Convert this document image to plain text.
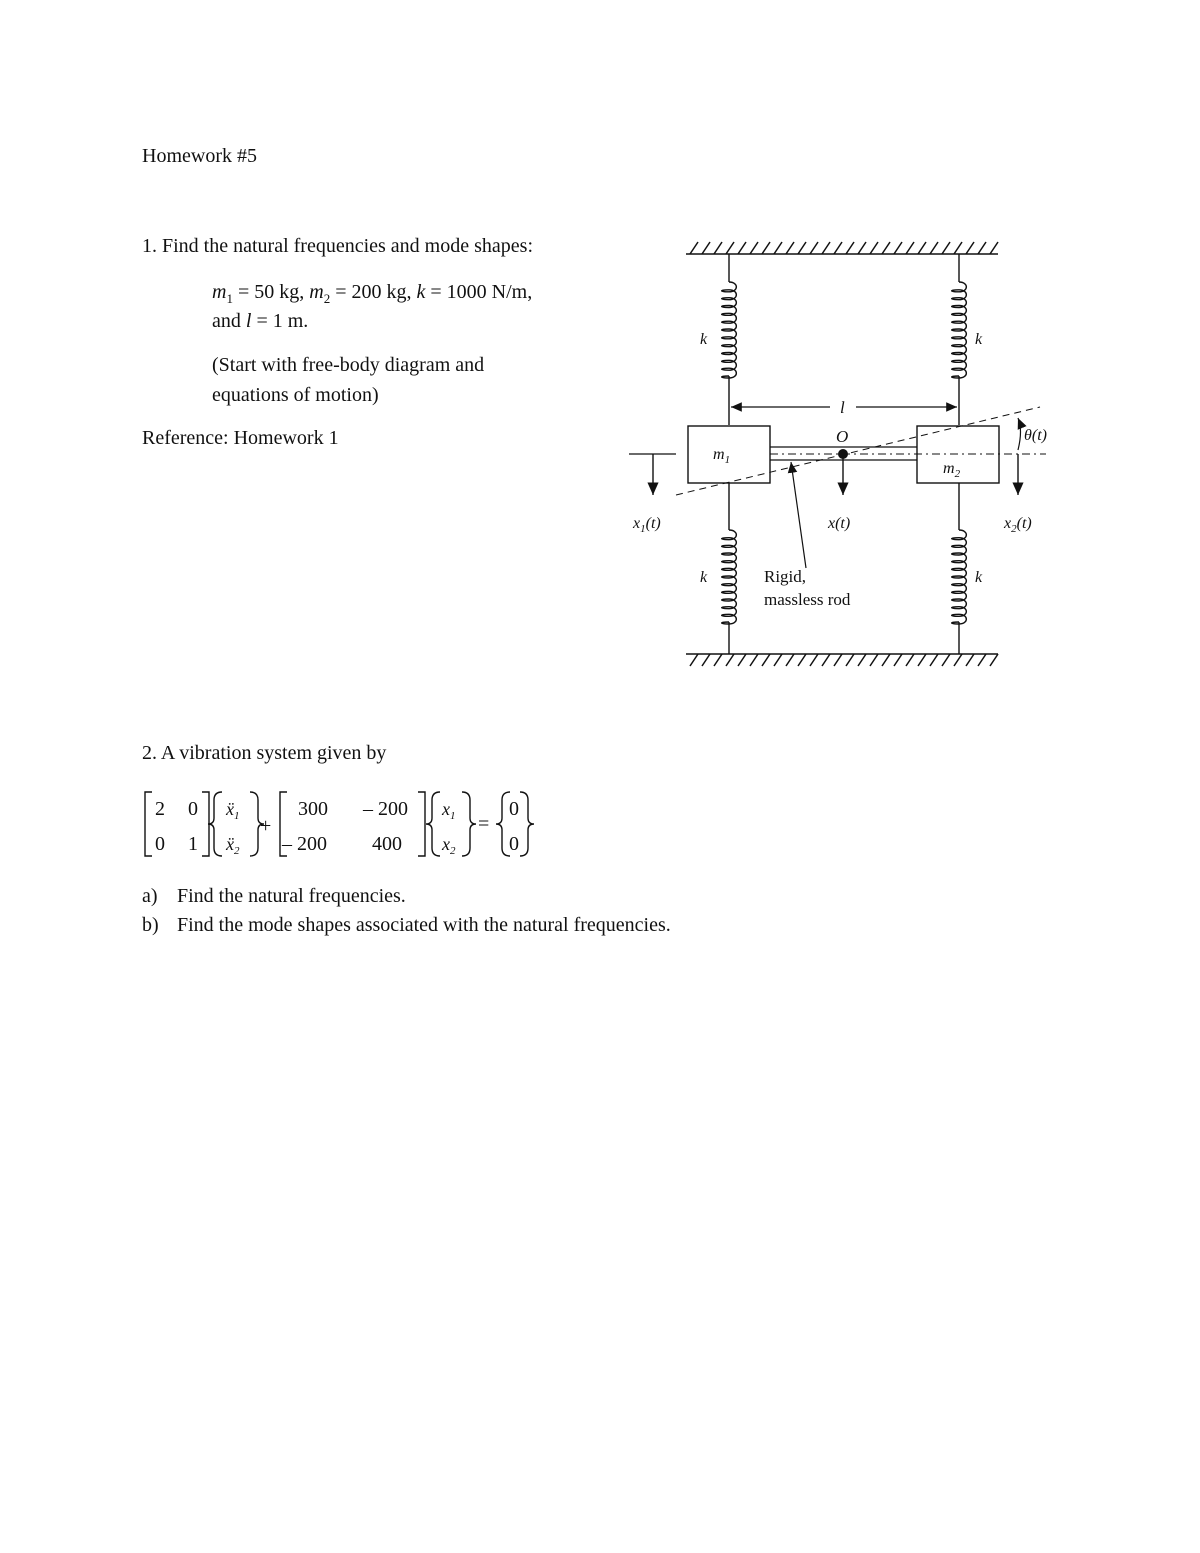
Homework #5
1. Find the natural frequencies and mode shapes:
$m_1 = 50$ kg, $m_2 = 200$ kg, k = 1000 N/m,
and l = 1 m.
(Start with free-body diagram and
equations of motion)
Reference: Homework 1
k	k
k	k
l
$m_1$	$m_2$
O	θ(t)
$x_1(t)$	x(t)	$x_2(t)$
Rigid,
massless rod
2. A vibration system given by
2 0
0 1
ẍ$_1$
ẍ$_2$
+
300 – 200
– 200 400
$x_1$
$x_2$
=
0
0
a) Find the natural frequencies.
b) Find the mode shapes associated with the natural frequencies.
